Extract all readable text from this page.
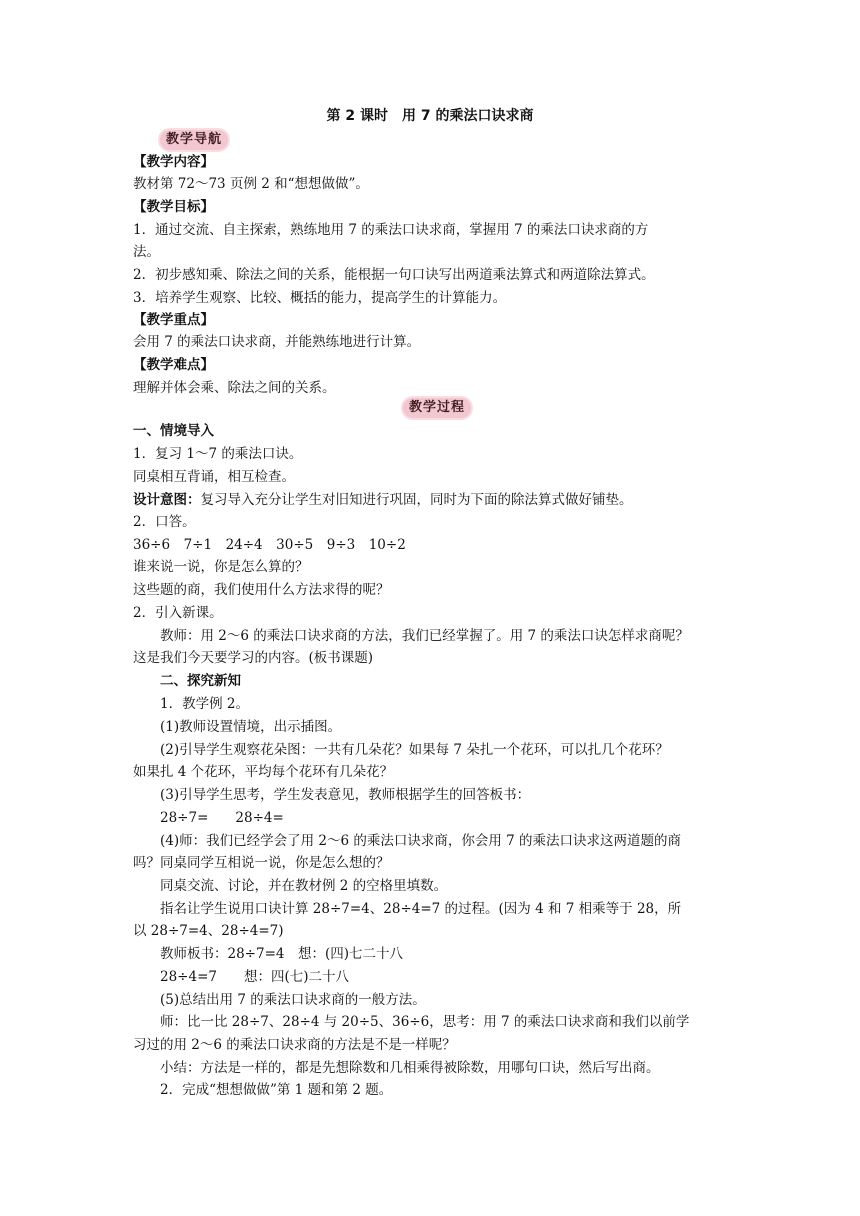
第 2 课时　用 7 的乘法口诀求商
教学导航
【教学内容】
教材第 72～73 页例 2 和“想想做做”。
【教学目标】
1．通过交流、自主探索，熟练地用 7 的乘法口诀求商，掌握用 7 的乘法口诀求商的方
法。
2．初步感知乘、除法之间的关系，能根据一句口诀写出两道乘法算式和两道除法算式。
3．培养学生观察、比较、概括的能力，提高学生的计算能力。
【教学重点】
会用 7 的乘法口诀求商，并能熟练地进行计算。
【教学难点】
理解并体会乘、除法之间的关系。
教学过程
一、情境导入
1．复习 1～7 的乘法口诀。
同桌相互背诵，相互检查。
设计意图：复习导入充分让学生对旧知进行巩固，同时为下面的除法算式做好铺垫。
2．口答。
36÷6　7÷1　24÷4　30÷5　9÷3　10÷2
谁来说一说，你是怎么算的？
这些题的商，我们使用什么方法求得的呢？
2．引入新课。
教师：用 2～6 的乘法口诀求商的方法，我们已经掌握了。用 7 的乘法口诀怎样求商呢？
这是我们今天要学习的内容。(板书课题)
二、探究新知
1．教学例 2。
(1)教师设置情境，出示插图。
(2)引导学生观察花朵图：一共有几朵花？如果每 7 朵扎一个花环，可以扎几个花环？
如果扎 4 个花环，平均每个花环有几朵花？
(3)引导学生思考，学生发表意见，教师根据学生的回答板书：
28÷7=　　28÷4=
(4)师：我们已经学会了用 2～6 的乘法口诀求商，你会用 7 的乘法口诀求这两道题的商
吗？同桌同学互相说一说，你是怎么想的？
同桌交流、讨论，并在教材例 2 的空格里填数。
指名让学生说用口诀计算 28÷7=4、28÷4=7 的过程。(因为 4 和 7 相乘等于 28，所
以 28÷7=4、28÷4=7)
教师板书：28÷7=4　想：(四)七二十八
28÷4=7　　想：四(七)二十八
(5)总结出用 7 的乘法口诀求商的一般方法。
师：比一比 28÷7、28÷4 与 20÷5、36÷6，思考：用 7 的乘法口诀求商和我们以前学
习过的用 2～6 的乘法口诀求商的方法是不是一样呢？
小结：方法是一样的，都是先想除数和几相乘得被除数，用哪句口诀，然后写出商。
2．完成“想想做做”第 1 题和第 2 题。
